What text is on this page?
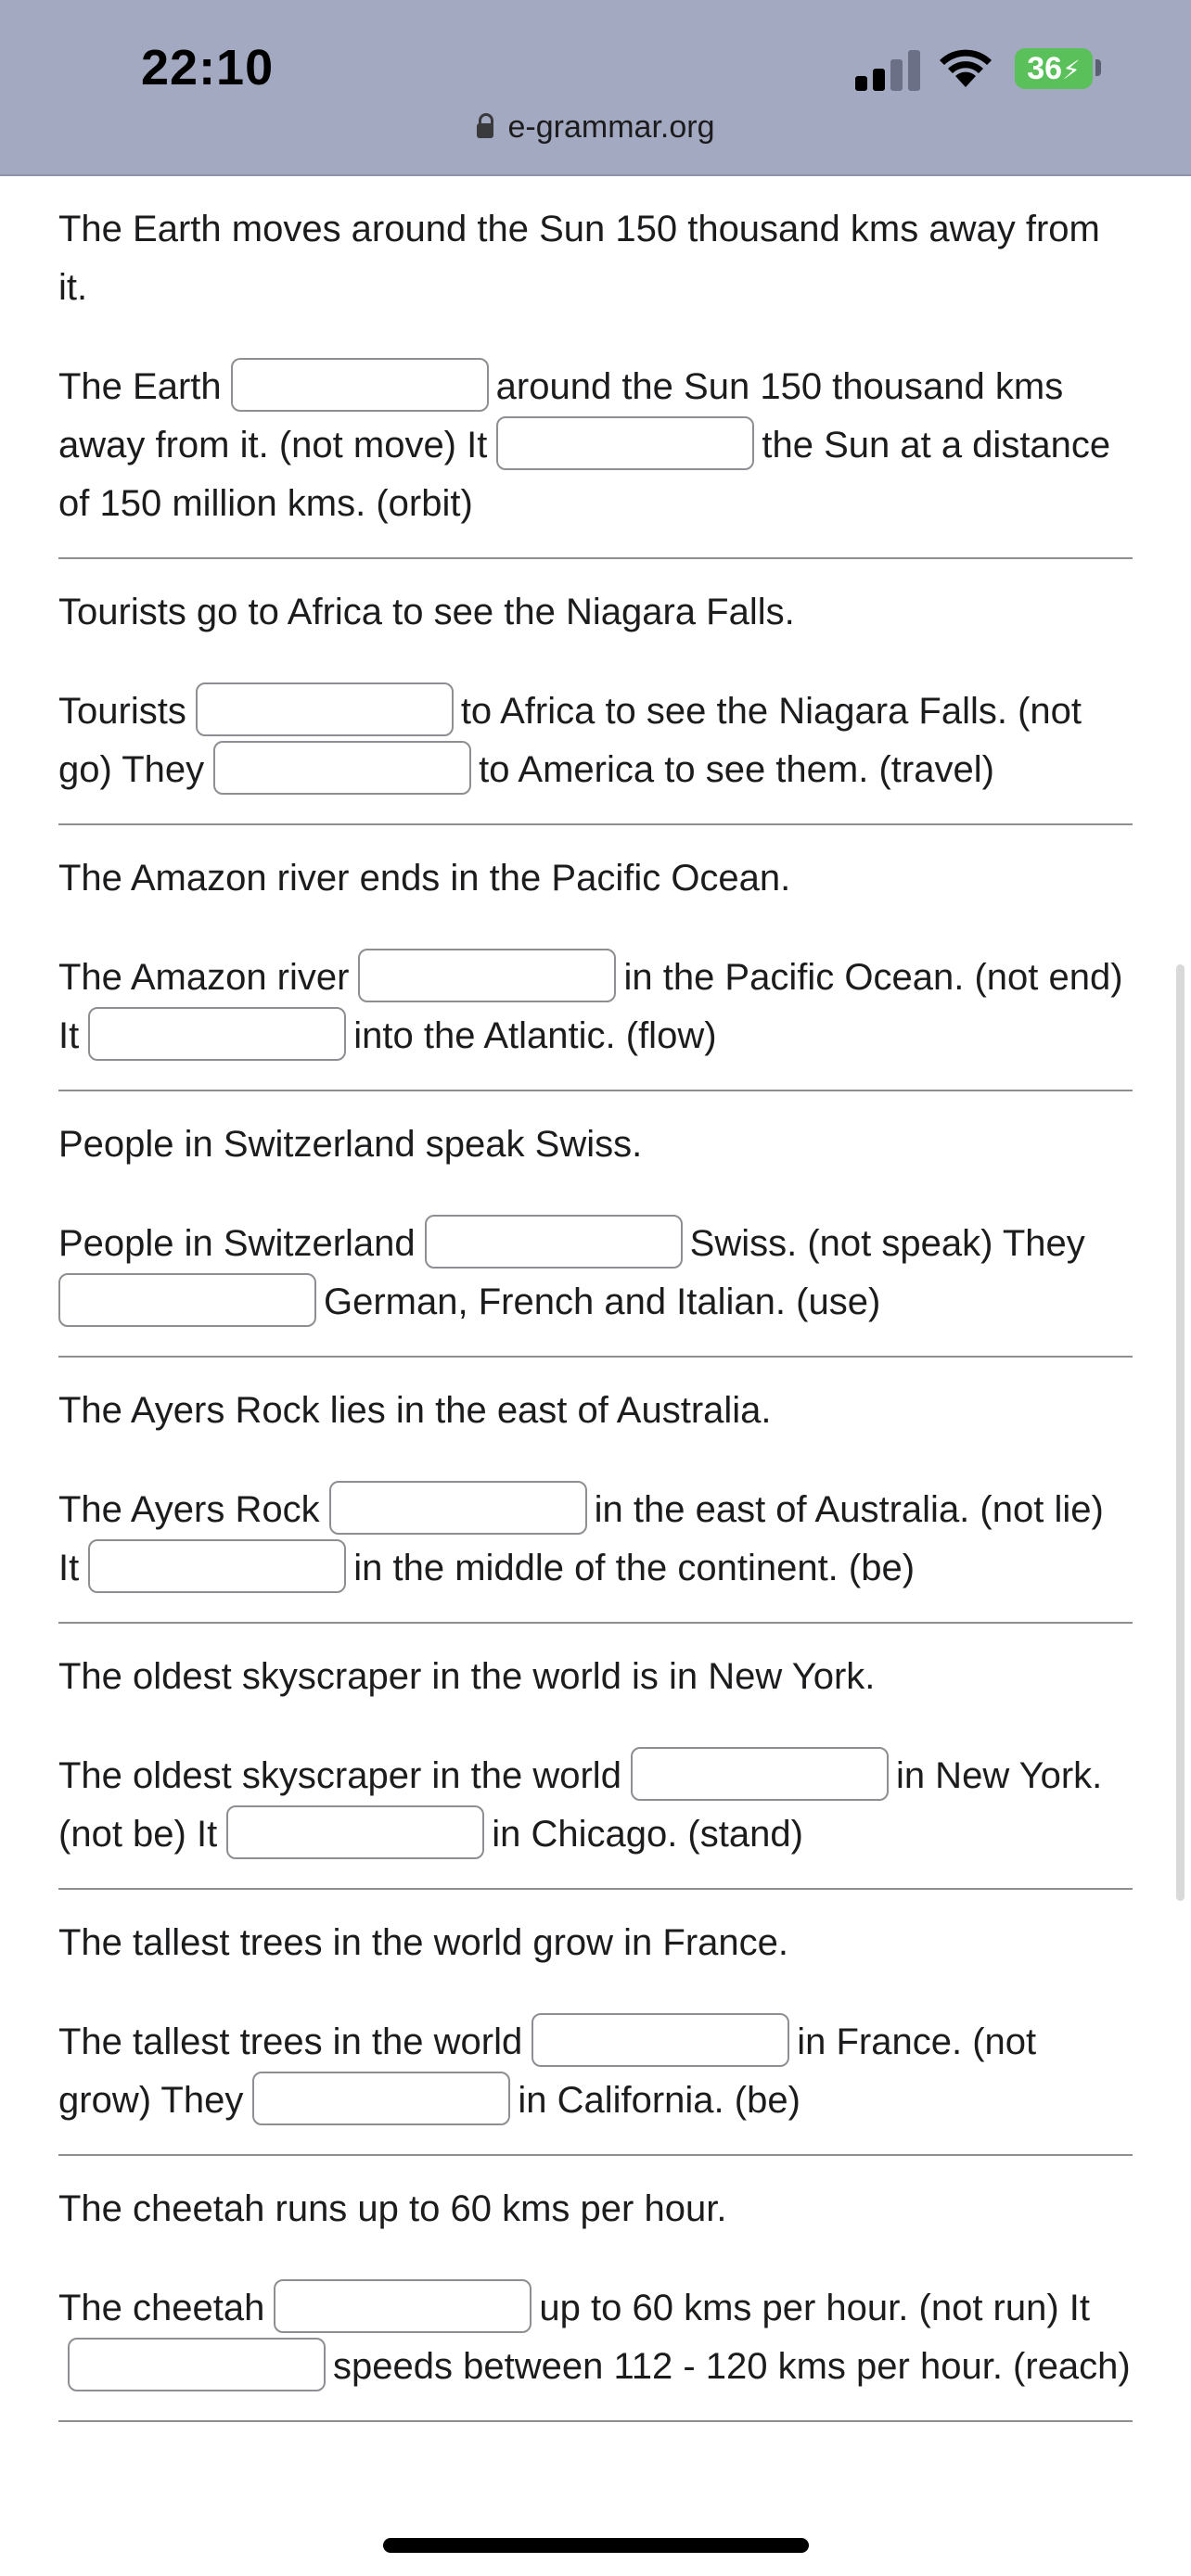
22:10	36⚡
e-grammar.org

The Earth moves around the Sun 150 thousand kms away from it.

The Earth	around the Sun 150 thousand kms away from it. (not move) It	the Sun at a distance of 150 million kms. (orbit)

Tourists go to Africa to see the Niagara Falls.

Tourists	to Africa to see the Niagara Falls. (not go) They	to America to see them. (travel)

The Amazon river ends in the Pacific Ocean.

The Amazon river	in the Pacific Ocean. (not end) It	into the Atlantic. (flow)

People in Switzerland speak Swiss.

People in Switzerland	Swiss. (not speak) TheyGerman, French and Italian. (use)

The Ayers Rock lies in the east of Australia.

The Ayers Rock	in the east of Australia. (not lie) It	in the middle of the continent. (be)

The oldest skyscraper in the world is in New York.

The oldest skyscraper in the world	in New York. (not be) It	in Chicago. (stand)

The tallest trees in the world grow in France.

The tallest trees in the world	in France. (not grow) They	in California. (be)

The cheetah runs up to 60 kms per hour.

The cheetah	up to 60 kms per hour. (not run) Itspeeds between 112 - 120 kms per hour. (reach)
